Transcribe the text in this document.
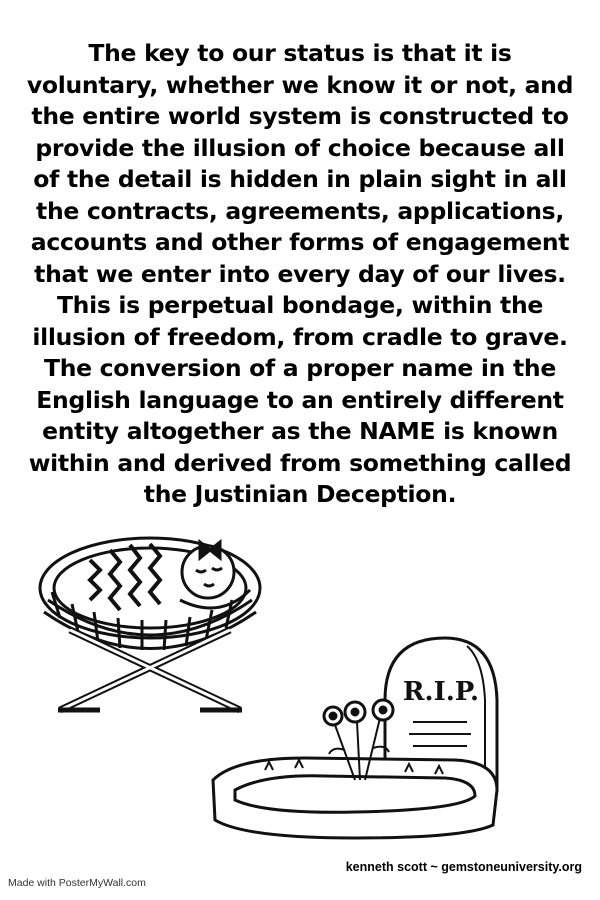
The key to our status is that it is voluntary, whether we know it or not, and the entire world system is constructed to provide the illusion of choice because all of the detail is hidden in plain sight in all the contracts, agreements, applications, accounts and other forms of engagement that we enter into every day of our lives. This is perpetual bondage, within the illusion of freedom, from cradle to grave. The conversion of a proper name in the English language to an entirely different entity altogether as the NAME is known within and derived from something called the Justinian Deception.

R.I.P.
kenneth scott ~ gemstoneuniversity.org
Made with PosterMyWall.com
